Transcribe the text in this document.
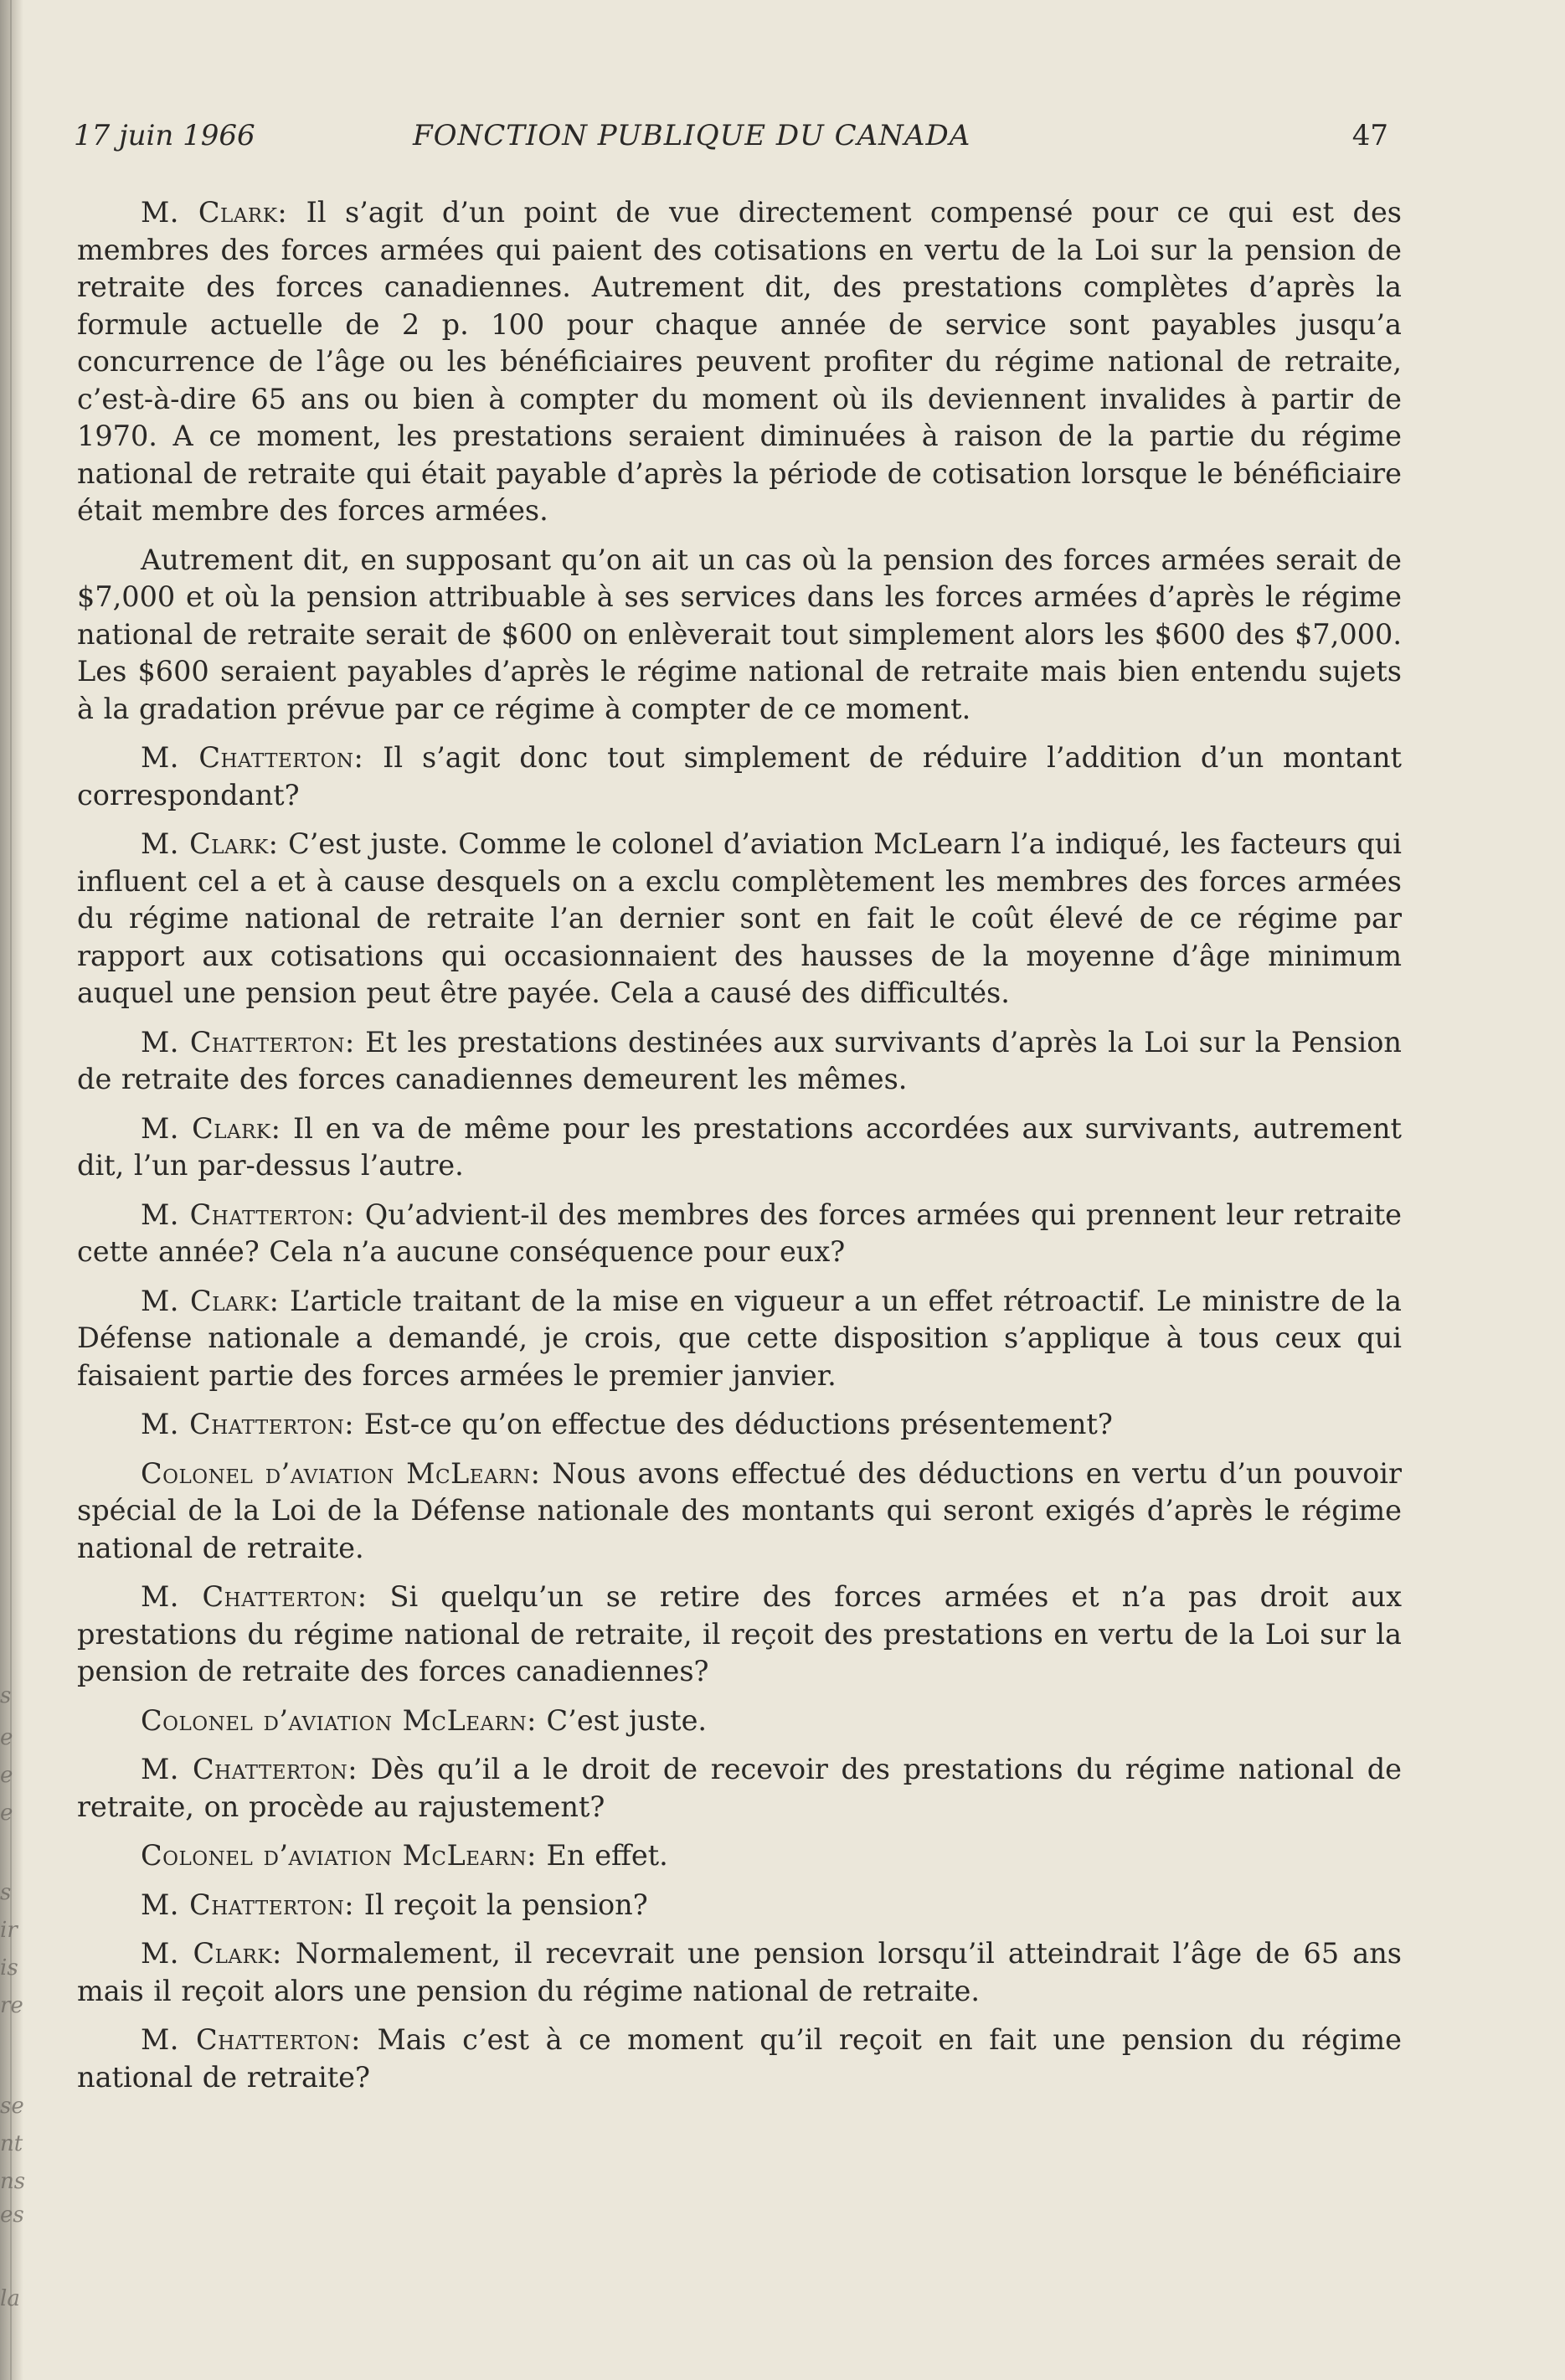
s
e
e
e
s
ir
is
re
se
nt
ns
es
la
17 juin 1966	FONCTION PUBLIQUE DU CANADA	47

M. Clark: Il s’agit d’un point de vue directement compensé pour ce qui est des membres des forces armées qui paient des cotisations en vertu de la Loi sur la pension de retraite des forces canadiennes. Autrement dit, des prestations complètes d’après la formule actuelle de 2 p. 100 pour chaque année de service sont payables jusqu’a concurrence de l’âge ou les bénéficiaires peuvent profiter du régime national de retraite, c’est-à-dire 65 ans ou bien à compter du moment où ils deviennent invalides à partir de 1970. A ce moment, les prestations seraient diminuées à raison de la partie du régime national de retraite qui était payable d’après la période de cotisation lorsque le bénéficiaire était membre des forces armées.

Autrement dit, en supposant qu’on ait un cas où la pension des forces armées serait de $7,000 et où la pension attribuable à ses services dans les forces armées d’après le régime national de retraite serait de $600 on enlèverait tout simplement alors les $600 des $7,000. Les $600 seraient payables d’après le régime national de retraite mais bien entendu sujets à la gradation prévue par ce régime à compter de ce moment.

M. Chatterton: Il s’agit donc tout simplement de réduire l’addition d’un montant correspondant?

M. Clark: C’est juste. Comme le colonel d’aviation McLearn l’a indiqué, les facteurs qui influent cel a et à cause desquels on a exclu complètement les membres des forces armées du régime national de retraite l’an dernier sont en fait le coût élevé de ce régime par rapport aux cotisations qui occasionnaient des hausses de la moyenne d’âge minimum auquel une pension peut être payée. Cela a causé des difficultés.

M. Chatterton: Et les prestations destinées aux survivants d’après la Loi sur la Pension de retraite des forces canadiennes demeurent les mêmes.

M. Clark: Il en va de même pour les prestations accordées aux survivants, autrement dit, l’un par-dessus l’autre.

M. Chatterton: Qu’advient-il des membres des forces armées qui prennent leur retraite cette année? Cela n’a aucune conséquence pour eux?

M. Clark: L’article traitant de la mise en vigueur a un effet rétroactif. Le ministre de la Défense nationale a demandé, je crois, que cette disposition s’applique à tous ceux qui faisaient partie des forces armées le premier janvier.

M. Chatterton: Est-ce qu’on effectue des déductions présentement?

Colonel d’aviation McLearn: Nous avons effectué des déductions en vertu d’un pouvoir spécial de la Loi de la Défense nationale des montants qui seront exigés d’après le régime national de retraite.

M. Chatterton: Si quelqu’un se retire des forces armées et n’a pas droit aux prestations du régime national de retraite, il reçoit des prestations en vertu de la Loi sur la pension de retraite des forces canadiennes?

Colonel d’aviation McLearn: C’est juste.

M. Chatterton: Dès qu’il a le droit de recevoir des prestations du régime national de retraite, on procède au rajustement?

Colonel d’aviation McLearn: En effet.

M. Chatterton: Il reçoit la pension?

M. Clark: Normalement, il recevrait une pension lorsqu’il atteindrait l’âge de 65 ans mais il reçoit alors une pension du régime national de retraite.

M. Chatterton: Mais c’est à ce moment qu’il reçoit en fait une pension du régime national de retraite?
